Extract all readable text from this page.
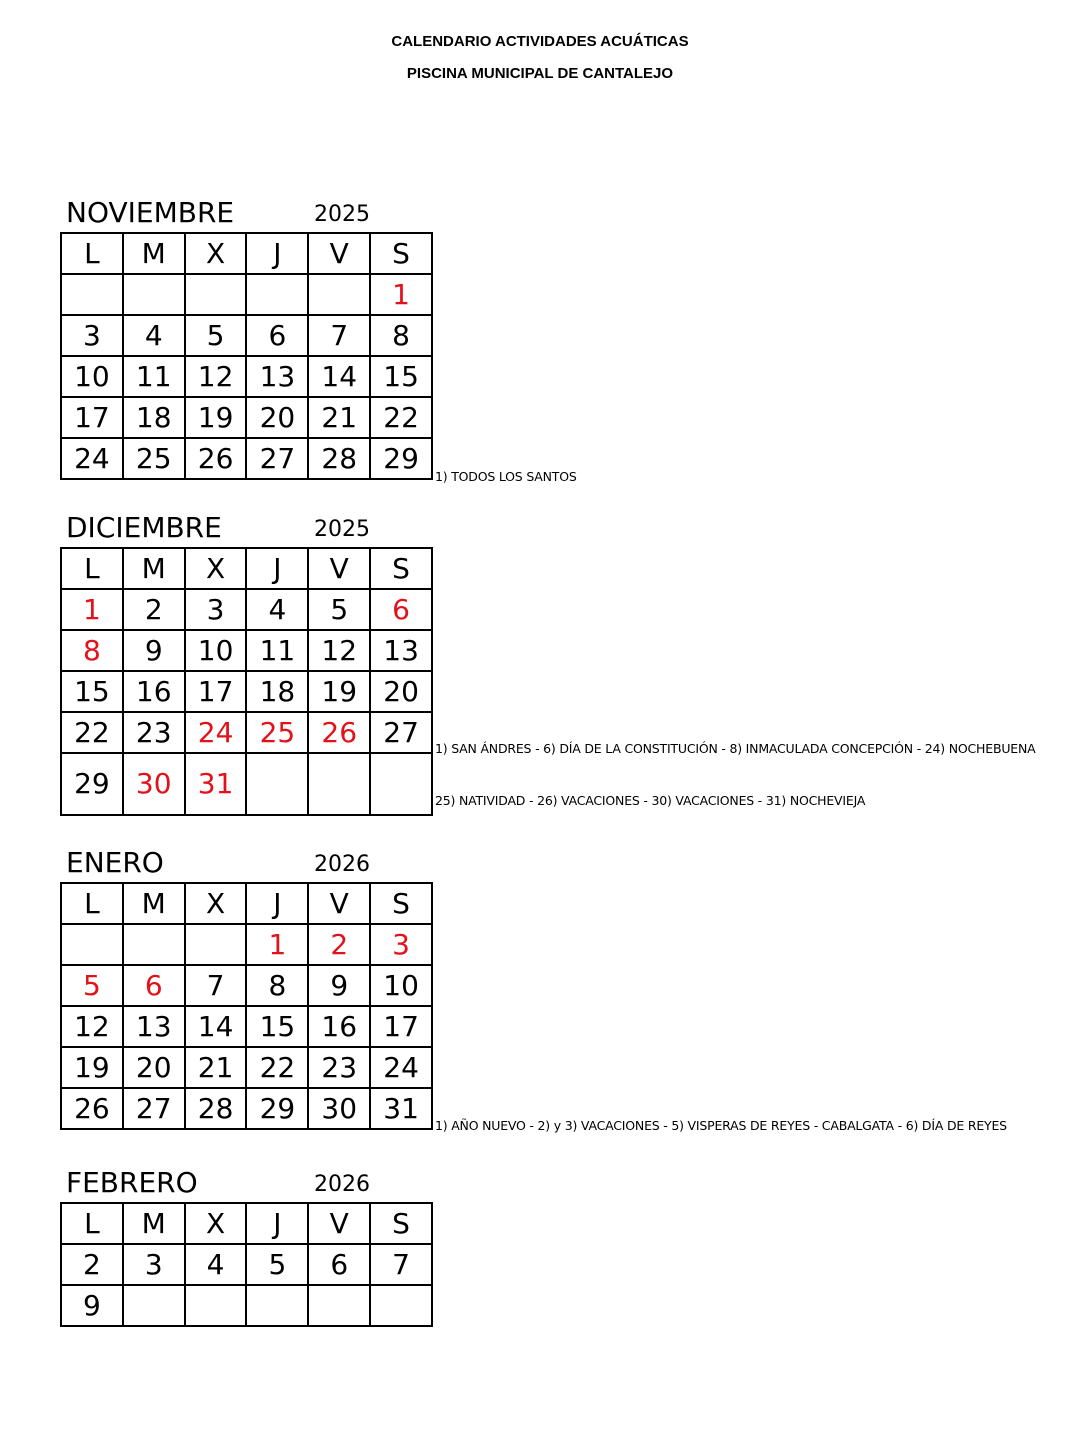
CALENDARIO ACTIVIDADES ACUÁTICAS
PISCINA MUNICIPAL DE CANTALEJO
NOVIEMBRE	2025
L	M	X	J	V	S
					1
3	4	5	6	7	8
10	11	12	13	14	15
17	18	19	20	21	22
24	25	26	27	28	29
DICIEMBRE	2025
L	M	X	J	V	S
1	2	3	4	5	6
8	9	10	11	12	13
15	16	17	18	19	20
22	23	24	25	26	27
29	30	31			
ENERO	2026
L	M	X	J	V	S
			1	2	3
5	6	7	8	9	10
12	13	14	15	16	17
19	20	21	22	23	24
26	27	28	29	30	31
FEBRERO	2026
L	M	X	J	V	S
2	3	4	5	6	7
9					
1) TODOS LOS SANTOS
1) SAN ÁNDRES - 6) DÍA DE LA CONSTITUCIÓN - 8) INMACULADA CONCEPCIÓN - 24) NOCHEBUENA
25) NATIVIDAD - 26) VACACIONES - 30) VACACIONES - 31) NOCHEVIEJA
1) AÑO NUEVO - 2) y 3) VACACIONES - 5) VISPERAS DE REYES - CABALGATA - 6) DÍA DE REYES
